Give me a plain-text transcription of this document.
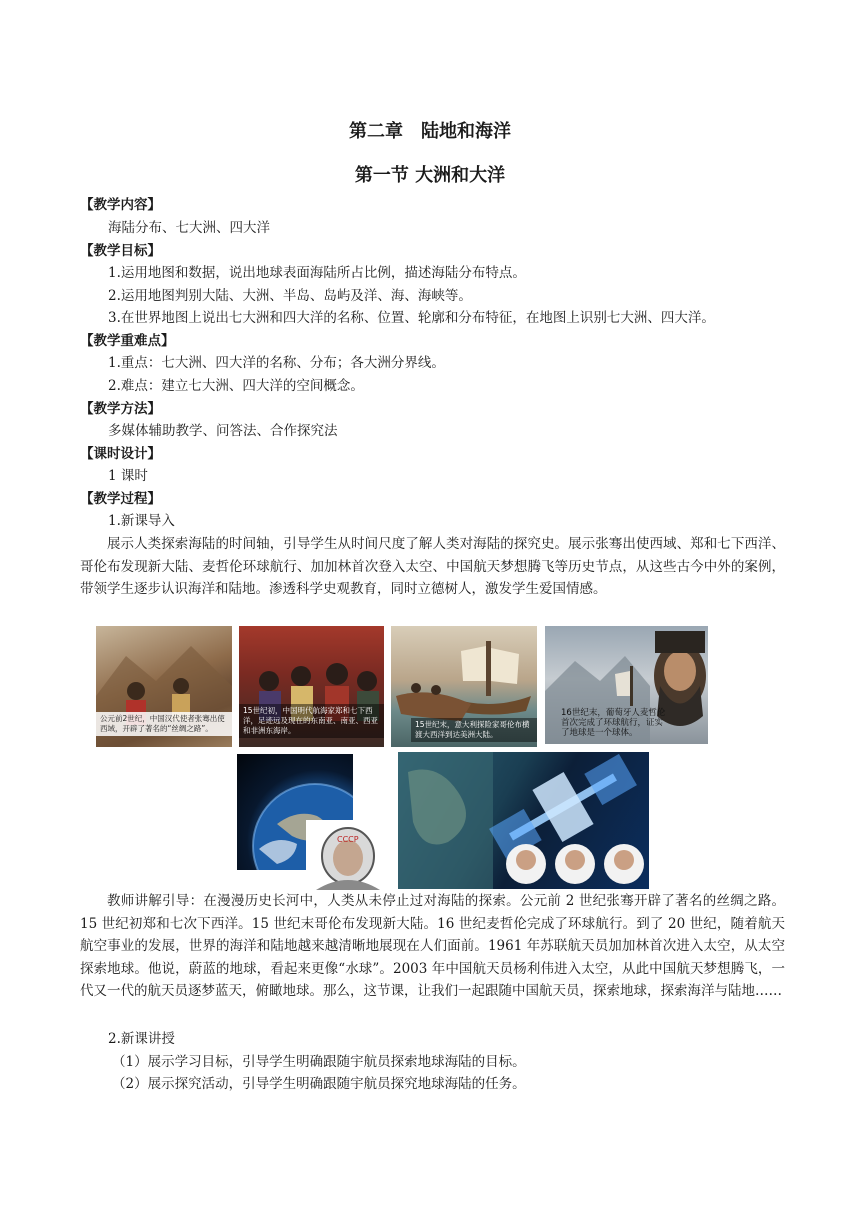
第二章　陆地和海洋
第一节 大洲和大洋
【教学内容】
海陆分布、七大洲、四大洋
【教学目标】
1.运用地图和数据，说出地球表面海陆所占比例，描述海陆分布特点。
2.运用地图判别大陆、大洲、半岛、岛屿及洋、海、海峡等。
3.在世界地图上说出七大洲和四大洋的名称、位置、轮廓和分布特征，在地图上识别七大洲、四大洋。
【教学重难点】
1.重点：七大洲、四大洋的名称、分布；各大洲分界线。
2.难点：建立七大洲、四大洋的空间概念。
【教学方法】
多媒体辅助教学、问答法、合作探究法
【课时设计】
1 课时
【教学过程】
1.新课导入
展示人类探索海陆的时间轴，引导学生从时间尺度了解人类对海陆的探究史。展示张骞出使西域、郑和七下西洋、哥伦布发现新大陆、麦哲伦环球航行、加加林首次登入太空、中国航天梦想腾飞等历史节点，从这些古今中外的案例，带领学生逐步认识海洋和陆地。渗透科学史观教育，同时立德树人，激发学生爱国情感。
公元前2世纪，中国汉代使者张骞出使西域，开辟了著名的“丝绸之路”。
15世纪初，中国明代航海家郑和七下西洋，足迹远及现在的东南亚、南亚、西亚和非洲东海岸。
15世纪末，意大利探险家哥伦布横渡大西洋到达美洲大陆。
16世纪末，葡萄牙人麦哲伦首次完成了环球航行，证实了地球是一个球体。
CCCP
教师讲解引导：在漫漫历史长河中，人类从未停止过对海陆的探索。公元前 2 世纪张骞开辟了著名的丝绸之路。15 世纪初郑和七次下西洋。15 世纪末哥伦布发现新大陆。16 世纪麦哲伦完成了环球航行。到了 20 世纪，随着航天航空事业的发展，世界的海洋和陆地越来越清晰地展现在人们面前。1961 年苏联航天员加加林首次进入太空，从太空探索地球。他说，蔚蓝的地球，看起来更像“水球”。2003 年中国航天员杨利伟进入太空，从此中国航天梦想腾飞，一代又一代的航天员逐梦蓝天，俯瞰地球。那么，这节课，让我们一起跟随中国航天员，探索地球，探索海洋与陆地……
2.新课讲授
（1）展示学习目标，引导学生明确跟随宇航员探索地球海陆的目标。
（2）展示探究活动，引导学生明确跟随宇航员探究地球海陆的任务。
